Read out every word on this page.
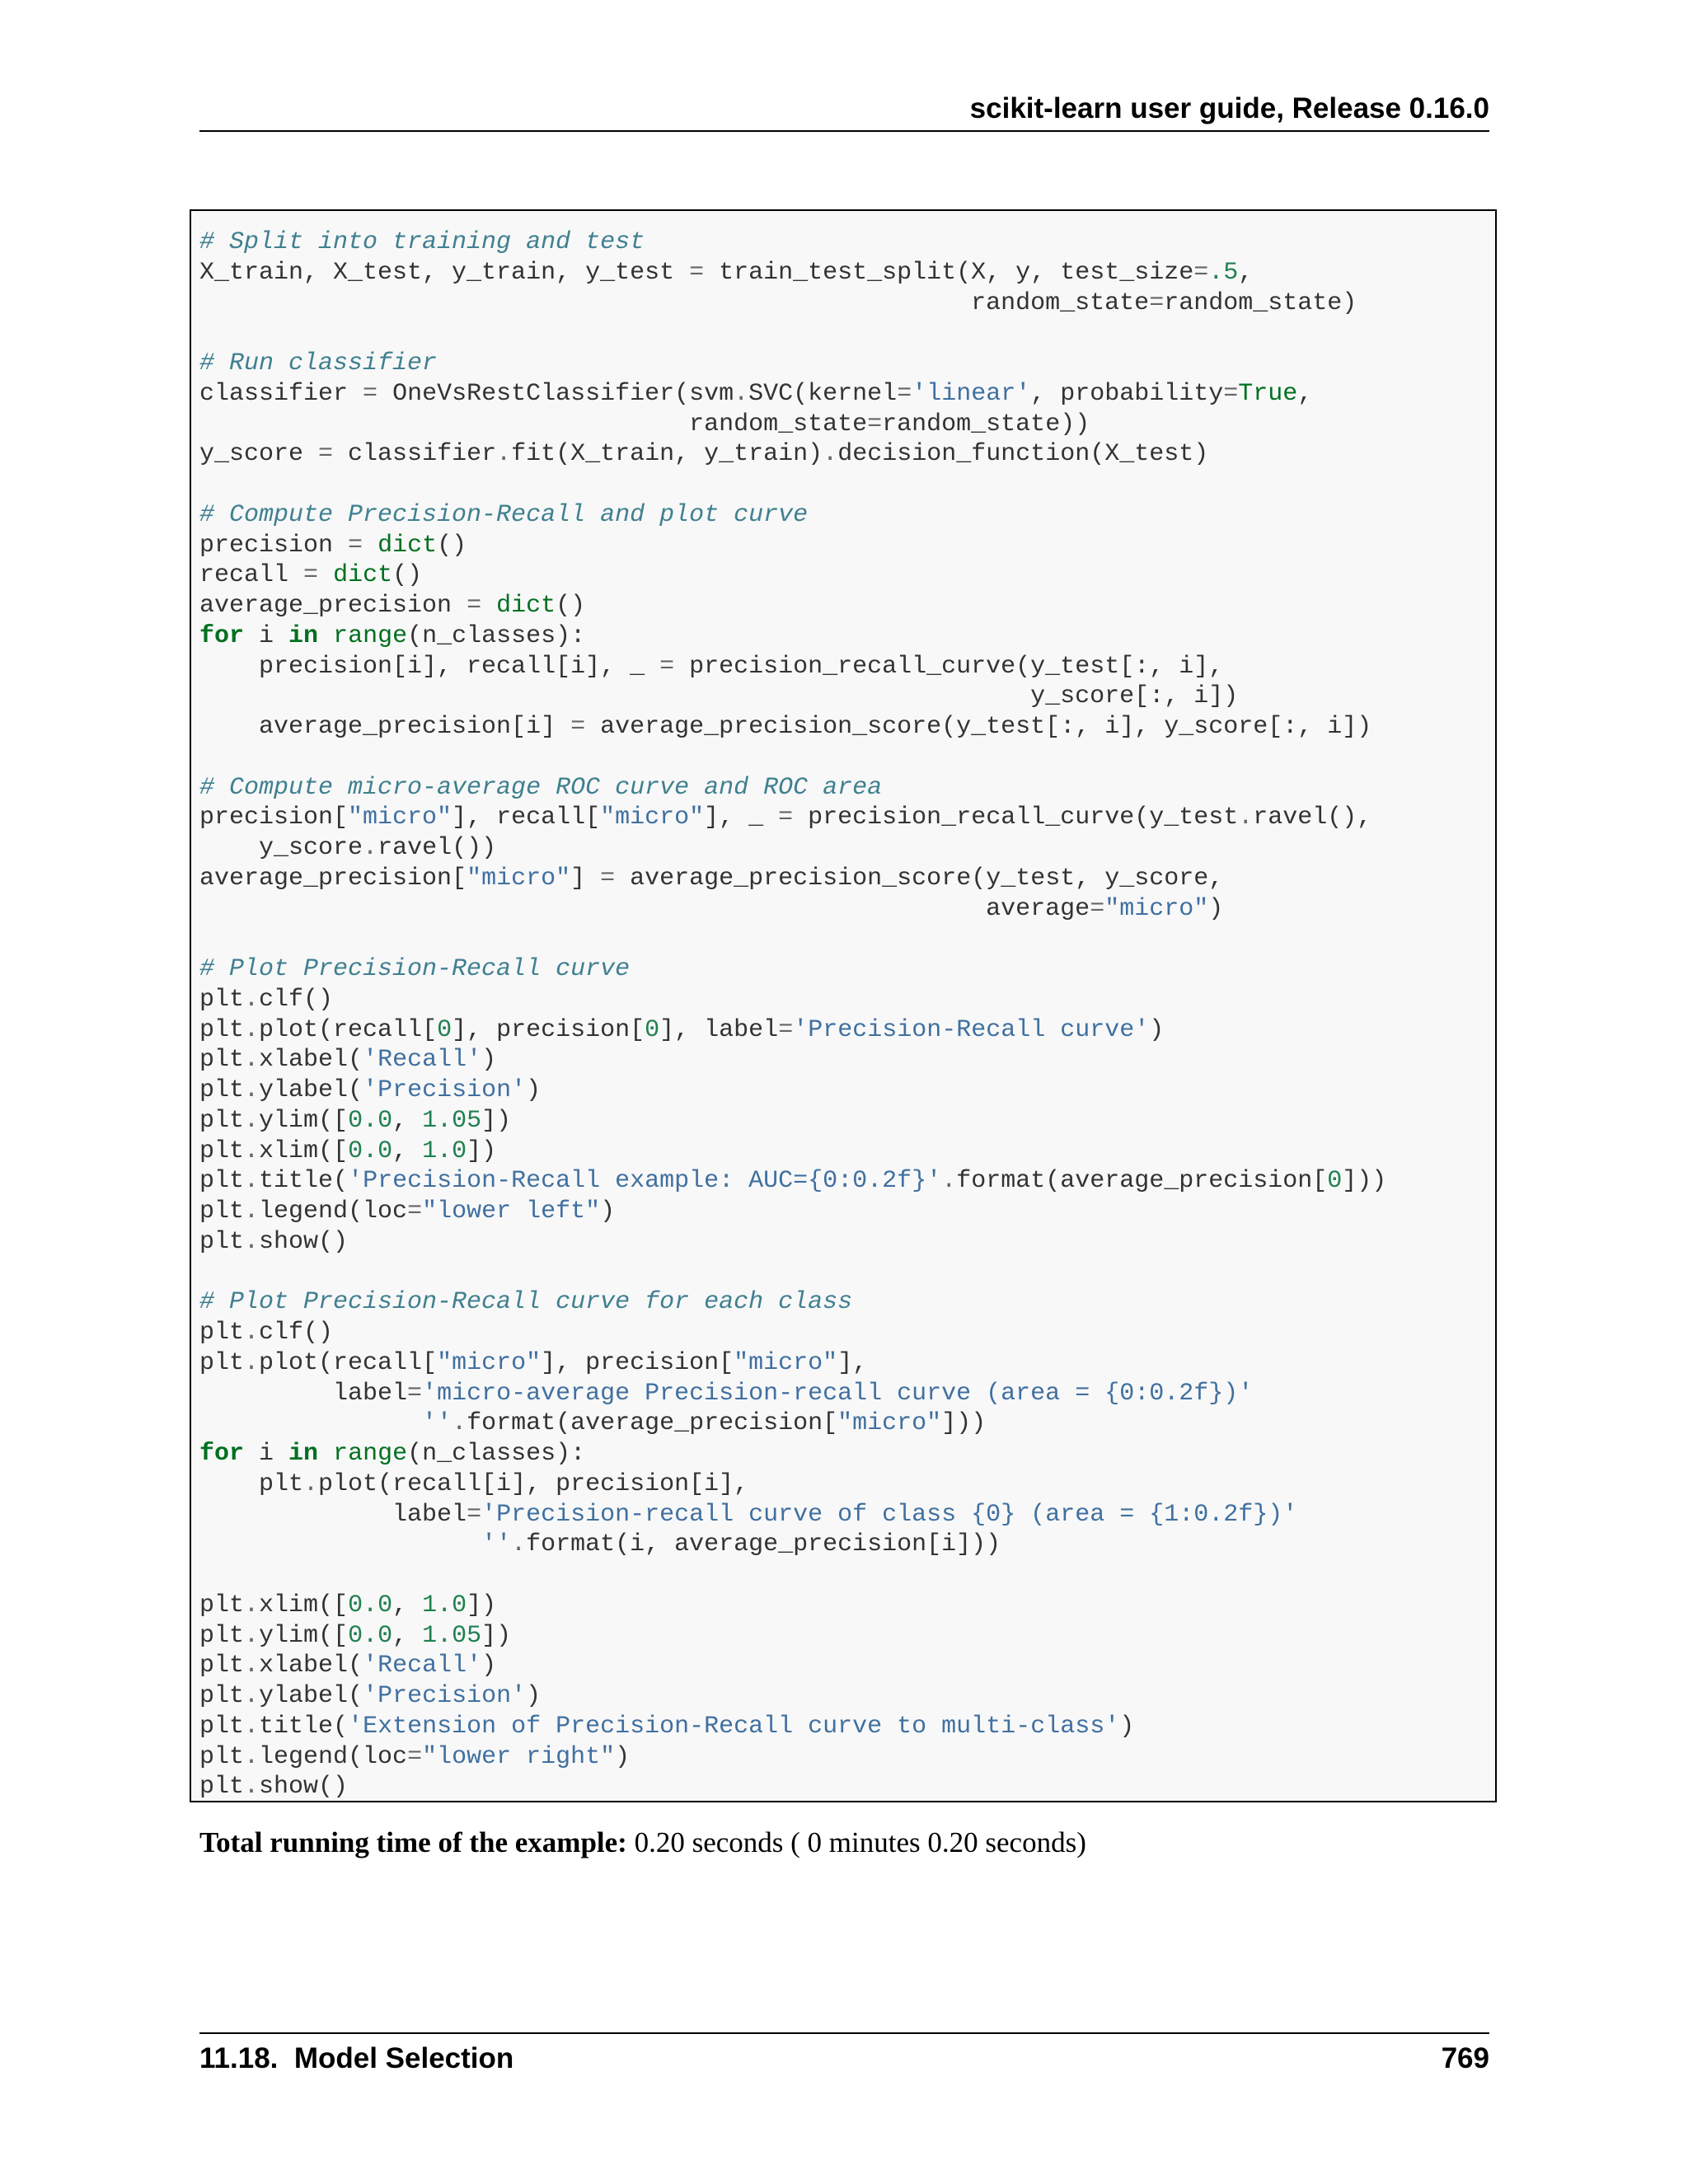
scikit-learn user guide, Release 0.16.0
# Split into training and test
X_train, X_test, y_train, y_test = train_test_split(X, y, test_size=.5,
random_state=random_state)
# Run classifier
classifier = OneVsRestClassifier(svm.SVC(kernel='linear', probability=True,
random_state=random_state))
y_score = classifier.fit(X_train, y_train).decision_function(X_test)
# Compute Precision-Recall and plot curve
precision = dict()
recall = dict()
average_precision = dict()
for i in range(n_classes):
precision[i], recall[i], _ = precision_recall_curve(y_test[:, i],
y_score[:, i])
average_precision[i] = average_precision_score(y_test[:, i], y_score[:, i])
# Compute micro-average ROC curve and ROC area
precision["micro"], recall["micro"], _ = precision_recall_curve(y_test.ravel(),
y_score.ravel())
average_precision["micro"] = average_precision_score(y_test, y_score,
average="micro")
# Plot Precision-Recall curve
plt.clf()
plt.plot(recall[0], precision[0], label='Precision-Recall curve')
plt.xlabel('Recall')
plt.ylabel('Precision')
plt.ylim([0.0, 1.05])
plt.xlim([0.0, 1.0])
plt.title('Precision-Recall example: AUC={0:0.2f}'.format(average_precision[0]))
plt.legend(loc="lower left")
plt.show()
# Plot Precision-Recall curve for each class
plt.clf()
plt.plot(recall["micro"], precision["micro"],
label='micro-average Precision-recall curve (area = {0:0.2f})'
''.format(average_precision["micro"]))
for i in range(n_classes):
plt.plot(recall[i], precision[i],
label='Precision-recall curve of class {0} (area = {1:0.2f})'
''.format(i, average_precision[i]))
plt.xlim([0.0, 1.0])
plt.ylim([0.0, 1.05])
plt.xlabel('Recall')
plt.ylabel('Precision')
plt.title('Extension of Precision-Recall curve to multi-class')
plt.legend(loc="lower right")
plt.show()
Total running time of the example: 0.20 seconds ( 0 minutes 0.20 seconds)
11.18.  Model Selection	769
